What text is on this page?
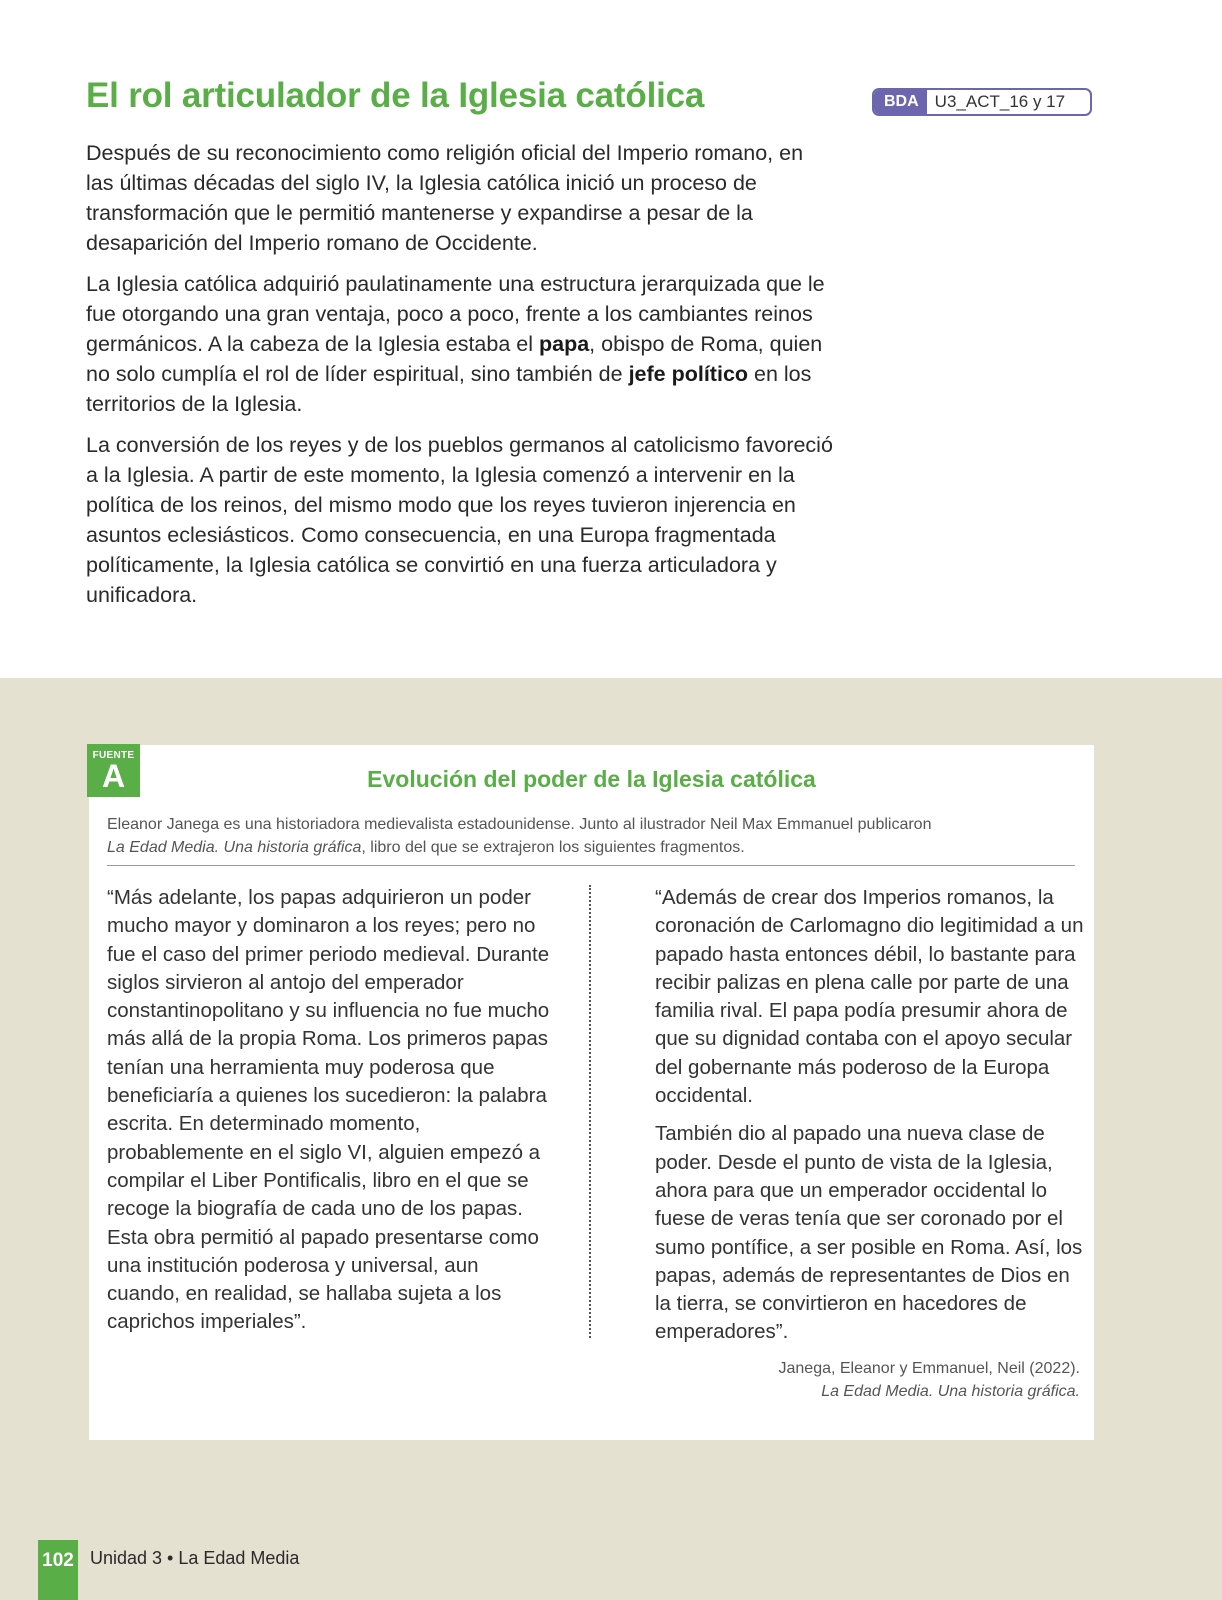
El rol articulador de la Iglesia católica	BDA U3_ACT_16 y 17

Después de su reconocimiento como religión oficial del Imperio romano, en las últimas décadas del siglo IV, la Iglesia católica inició un proceso de transformación que le permitió mantenerse y expandirse a pesar de la desaparición del Imperio romano de Occidente.

La Iglesia católica adquirió paulatinamente una estructura jerarquizada que le fue otorgando una gran ventaja, poco a poco, frente a los cambiantes reinos germánicos. A la cabeza de la Iglesia estaba el papa, obispo de Roma, quien no solo cumplía el rol de líder espiritual, sino también de jefe político en los territorios de la Iglesia.

La conversión de los reyes y de los pueblos germanos al catolicismo favoreció a la Iglesia. A partir de este momento, la Iglesia comenzó a intervenir en la política de los reinos, del mismo modo que los reyes tuvieron injerencia en asuntos eclesiásticos. Como consecuencia, en una Europa fragmentada políticamente, la Iglesia católica se convirtió en una fuerza articuladora y unificadora.

FUENTE
A	Evolución del poder de la Iglesia católica
Eleanor Janega es una historiadora medievalista estadounidense. Junto al ilustrador Neil Max Emmanuel publicaron
La Edad Media. Una historia gráfica, libro del que se extrajeron los siguientes fragmentos.

“Más adelante, los papas adquirieron un poder mucho mayor y dominaron a los reyes; pero no fue el caso del primer periodo medieval. Durante siglos sirvieron al antojo del emperador constantinopolitano y su influencia no fue mucho más allá de la propia Roma. Los primeros papas tenían una herramienta muy poderosa que beneficiaría a quienes los sucedieron: la palabra escrita. En determinado momento, probablemente en el siglo VI, alguien empezó a compilar el Liber Pontificalis, libro en el que se recoge la biografía de cada uno de los papas. Esta obra permitió al papado presentarse como una institución poderosa y universal, aun cuando, en realidad, se hallaba sujeta a los caprichos imperiales”.

“Además de crear dos Imperios romanos, la coronación de Carlomagno dio legitimidad a un papado hasta entonces débil, lo bastante para recibir palizas en plena calle por parte de una familia rival. El papa podía presumir ahora de que su dignidad contaba con el apoyo secular del gobernante más poderoso de la Europa occidental.

También dio al papado una nueva clase de poder. Desde el punto de vista de la Iglesia, ahora para que un emperador occidental lo fuese de veras tenía que ser coronado por el sumo pontífice, a ser posible en Roma. Así, los papas, además de representantes de Dios en la tierra, se convirtieron en hacedores de emperadores”.

Janega, Eleanor y Emmanuel, Neil (2022).
La Edad Media. Una historia gráfica.
102 Unidad 3 • La Edad Media
